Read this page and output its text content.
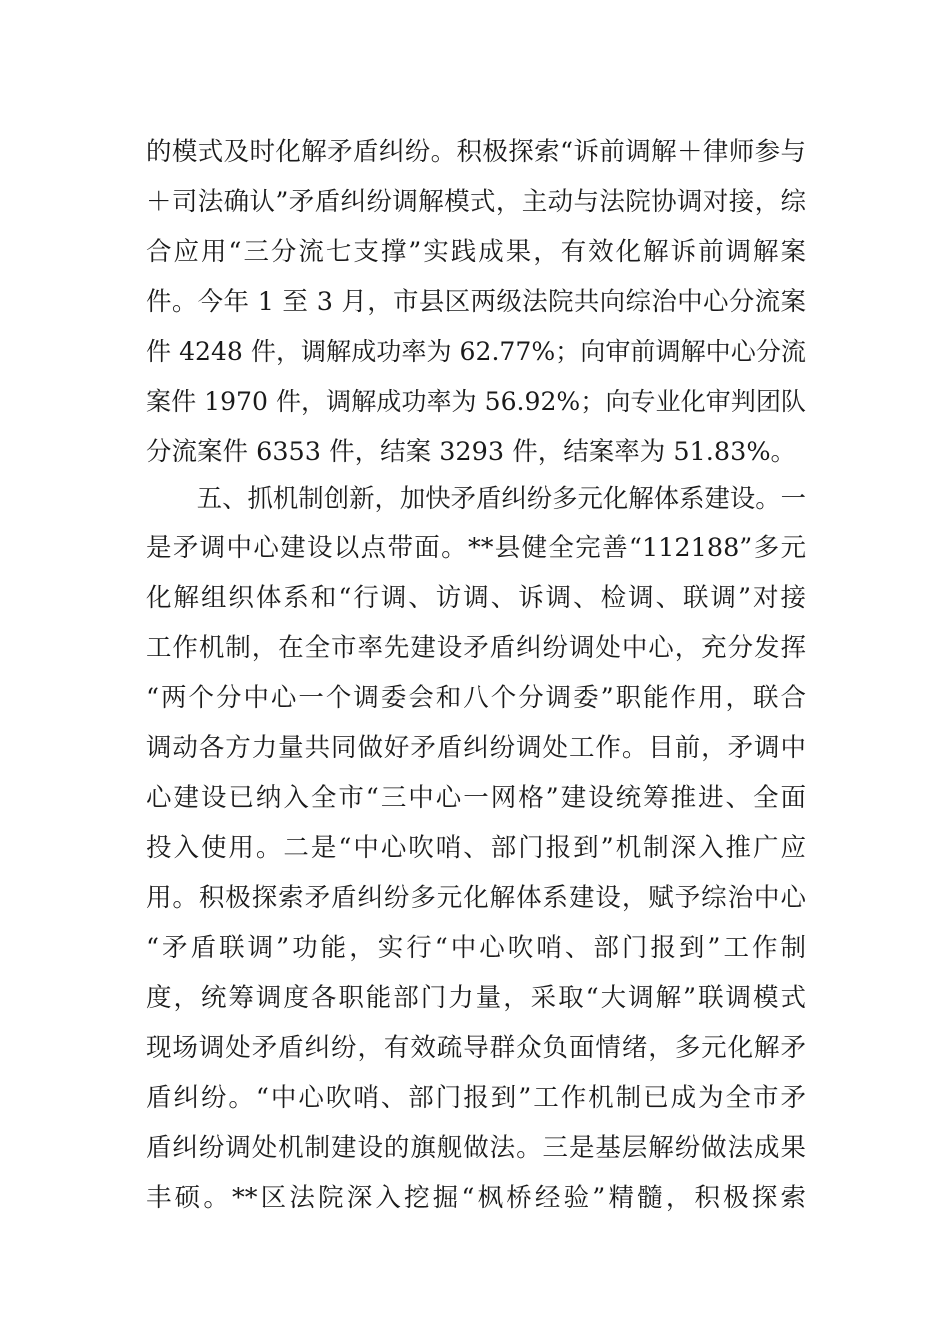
的模式及时化解矛盾纠纷。积极探索“诉前调解＋律师参与
＋司法确认”矛盾纠纷调解模式，主动与法院协调对接，综
合应用“三分流七支撑”实践成果，有效化解诉前调解案
件。今年 1 至 3 月，市县区两级法院共向综治中心分流案
件 4248 件，调解成功率为 62.77%；向审前调解中心分流
案件 1970 件，调解成功率为 56.92%；向专业化审判团队
分流案件 6353 件，结案 3293 件，结案率为 51.83%。
　　五、抓机制创新，加快矛盾纠纷多元化解体系建设。一
是矛调中心建设以点带面。**县健全完善“112188”多元
化解组织体系和“行调、访调、诉调、检调、联调”对接
工作机制，在全市率先建设矛盾纠纷调处中心，充分发挥
“两个分中心一个调委会和八个分调委”职能作用，联合
调动各方力量共同做好矛盾纠纷调处工作。目前，矛调中
心建设已纳入全市“三中心一网格”建设统筹推进、全面
投入使用。二是“中心吹哨、部门报到”机制深入推广应
用。积极探索矛盾纠纷多元化解体系建设，赋予综治中心
“矛盾联调”功能，实行“中心吹哨、部门报到”工作制
度，统筹调度各职能部门力量，采取“大调解”联调模式
现场调处矛盾纠纷，有效疏导群众负面情绪，多元化解矛
盾纠纷。“中心吹哨、部门报到”工作机制已成为全市矛
盾纠纷调处机制建设的旗舰做法。三是基层解纷做法成果
丰硕。**区法院深入挖掘“枫桥经验”精髓，积极探索
